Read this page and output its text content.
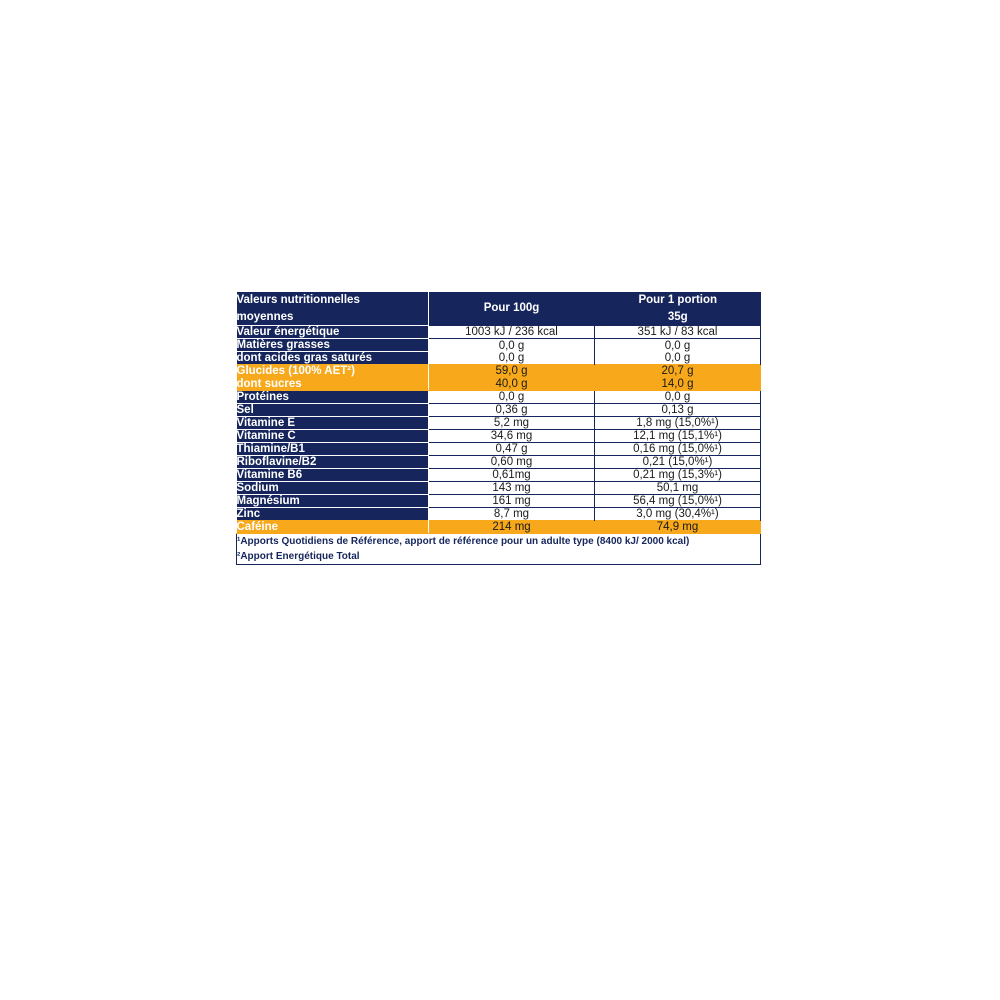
Valeurs nutritionnelles
moyennes	Pour 100g	Pour 1 portion
35g

Valeur énergétique	1003 kJ / 236 kcal	351 kJ / 83 kcal
Matières grasses	0,0 g	0,0 g
dont acides gras saturés	0,0 g	0,0 g
Glucides (100% AET²)	59,0 g	20,7 g
dont sucres	40,0 g	14,0 g
Protéines	0,0 g	0,0 g
Sel	0,36 g	0,13 g
Vitamine E	5,2 mg	1,8 mg (15,0%¹)
Vitamine C	34,6 mg	12,1 mg (15,1%¹)
Thiamine/B1	0,47 g	0,16 mg (15,0%¹)
Riboflavine/B2	0,60 mg	0,21 (15,0%¹)
Vitamine B6	0,61mg	0,21 mg (15,3%¹)
Sodium	143 mg	50,1 mg
Magnésium	161 mg	56,4 mg (15,0%¹)
Zinc	8,7 mg	3,0 mg (30,4%¹)
Caféine	214 mg	74,9 mg

¹Apports Quotidiens de Référence, apport de référence pour un adulte type (8400 kJ/ 2000 kcal)
²Apport Energétique Total		
